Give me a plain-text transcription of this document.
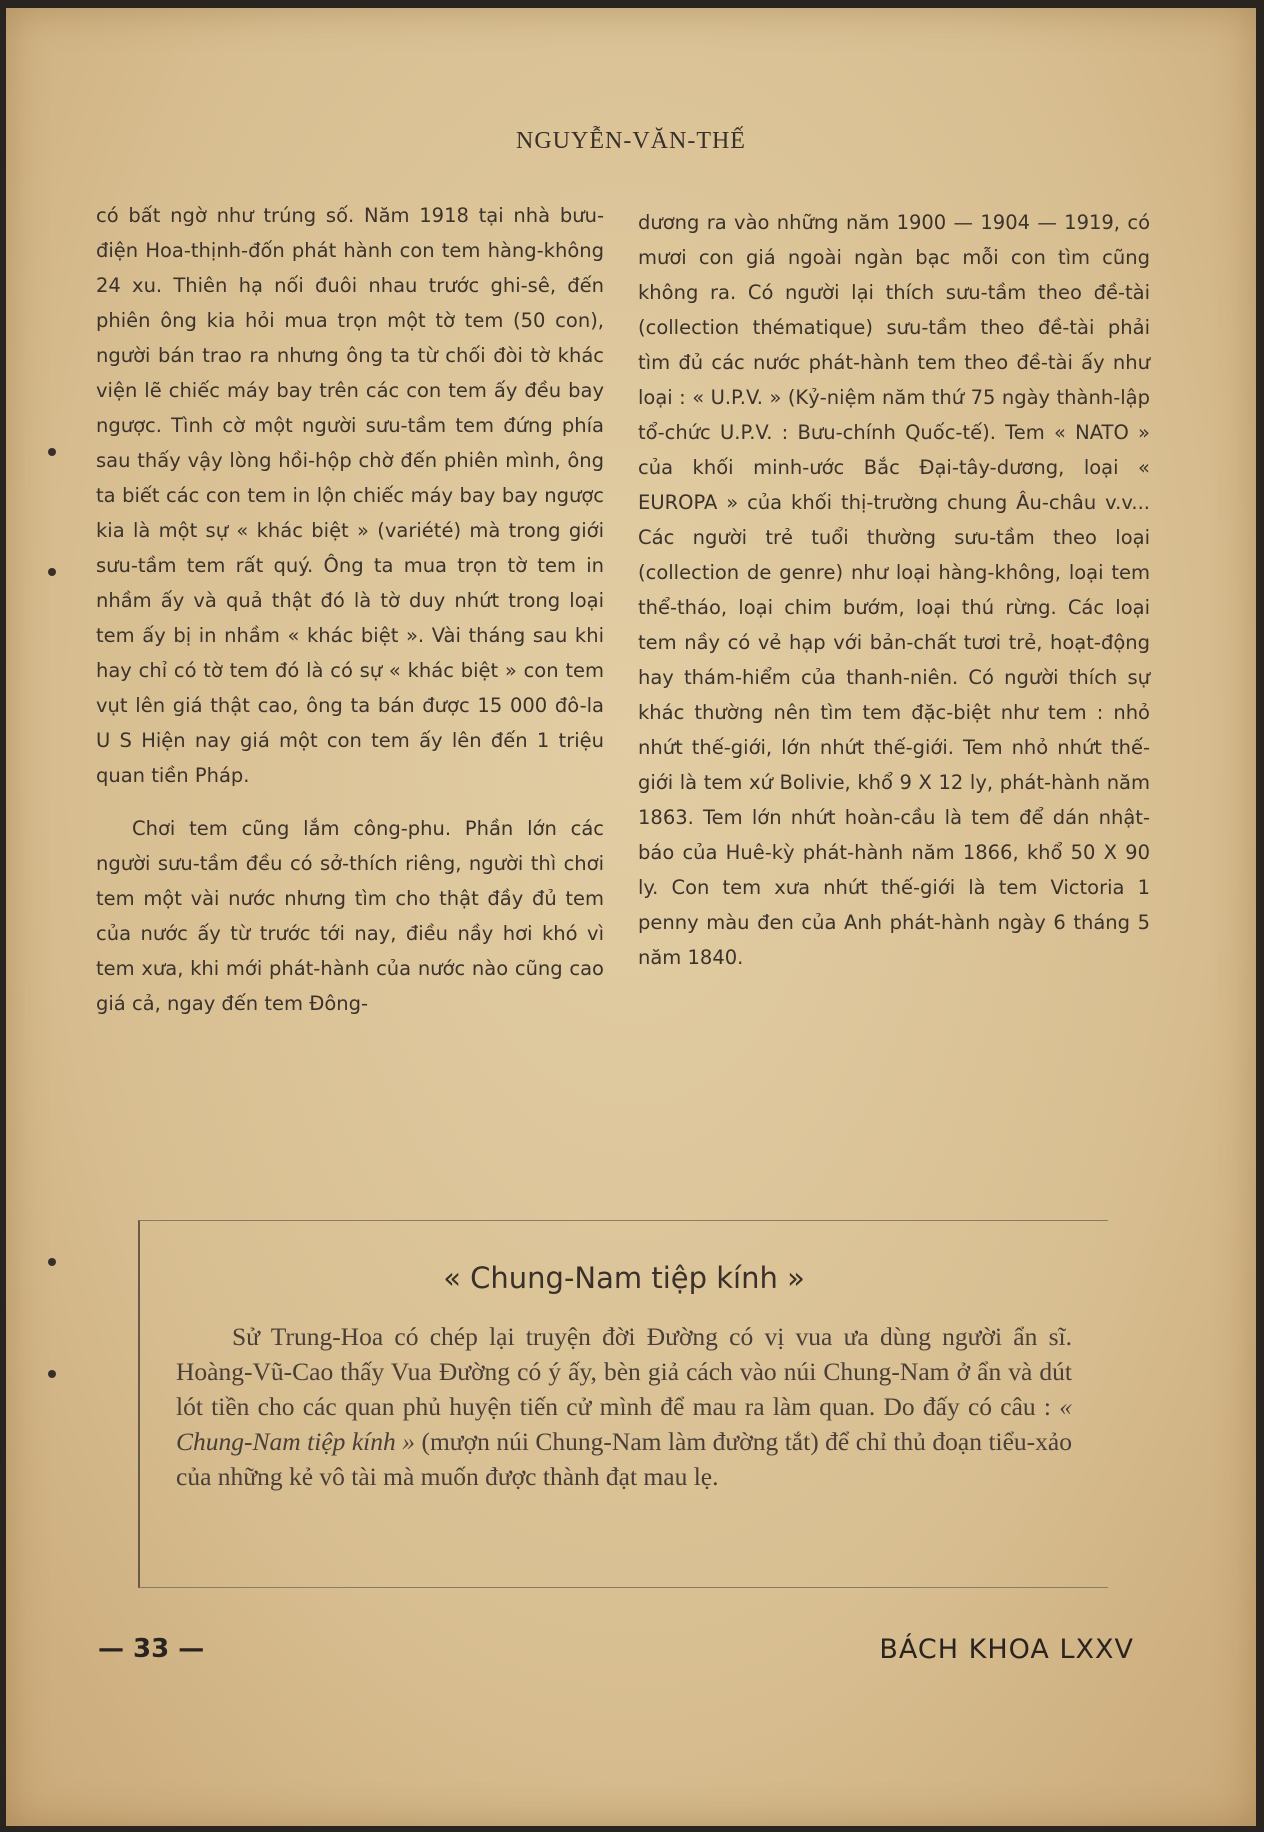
NGUYỄN-VĂN-THẾ

có bất ngờ như trúng số. Năm 1918 tại nhà bưu-điện Hoa-thịnh-đốn phát hành con tem hàng-không 24 xu. Thiên hạ nối đuôi nhau trước ghi-sê, đến phiên ông kia hỏi mua trọn một tờ tem (50 con), người bán trao ra nhưng ông ta từ chối đòi tờ khác viện lẽ chiếc máy bay trên các con tem ấy đều bay ngược. Tình cờ một người sưu-tầm tem đứng phía sau thấy vậy lòng hồi-hộp chờ đến phiên mình, ông ta biết các con tem in lộn chiếc máy bay bay ngược kia là một sự « khác biệt » (variété) mà trong giới sưu-tầm tem rất quý. Ông ta mua trọn tờ tem in nhầm ấy và quả thật đó là tờ duy nhứt trong loại tem ấy bị in nhầm « khác biệt ». Vài tháng sau khi hay chỉ có tờ tem đó là có sự « khác biệt » con tem vụt lên giá thật cao, ông ta bán được 15 000 đô-la U S Hiện nay giá một con tem ấy lên đến 1 triệu quan tiền Pháp.

Chơi tem cũng lắm công-phu. Phần lớn các người sưu-tầm đều có sở-thích riêng, người thì chơi tem một vài nước nhưng tìm cho thật đầy đủ tem của nước ấy từ trước tới nay, điều nầy hơi khó vì tem xưa, khi mới phát-hành của nước nào cũng cao giá cả, ngay đến tem Đông-

dương ra vào những năm 1900 — 1904 — 1919, có mươi con giá ngoài ngàn bạc mỗi con tìm cũng không ra. Có người lại thích sưu-tầm theo đề-tài (collection thématique) sưu-tầm theo đề-tài phải tìm đủ các nước phát-hành tem theo đề-tài ấy như loại : « U.P.V. » (Kỷ-niệm năm thứ 75 ngày thành-lập tổ-chức U.P.V. : Bưu-chính Quốc-tế). Tem « NATO » của khối minh-ước Bắc Đại-tây-dương, loại « EUROPA » của khối thị-trường chung Âu-châu v.v... Các người trẻ tuổi thường sưu-tầm theo loại (collection de genre) như loại hàng-không, loại tem thể-tháo, loại chim bướm, loại thú rừng. Các loại tem nầy có vẻ hạp với bản-chất tươi trẻ, hoạt-động hay thám-hiểm của thanh-niên. Có người thích sự khác thường nên tìm tem đặc-biệt như tem : nhỏ nhứt thế-giới, lớn nhứt thế-giới. Tem nhỏ nhứt thế-giới là tem xứ Bolivie, khổ 9 X 12 ly, phát-hành năm 1863. Tem lớn nhứt hoàn-cầu là tem để dán nhật-báo của Huê-kỳ phát-hành năm 1866, khổ 50 X 90 ly. Con tem xưa nhứt thế-giới là tem Victoria 1 penny màu đen của Anh phát-hành ngày 6 tháng 5 năm 1840.

« Chung-Nam tiệp kính »
Sử Trung-Hoa có chép lại truyện đời Đường có vị vua ưa dùng người ẩn sĩ. Hoàng-Vũ-Cao thấy Vua Đường có ý ấy, bèn giả cách vào núi Chung-Nam ở ẩn và dút lót tiền cho các quan phủ huyện tiến cử mình để mau ra làm quan. Do đấy có câu : « Chung-Nam tiệp kính » (mượn núi Chung-Nam làm đường tắt) để chỉ thủ đoạn tiểu-xảo của những kẻ vô tài mà muốn được thành đạt mau lẹ.
— 33 —	BÁCH KHOA LXXV
